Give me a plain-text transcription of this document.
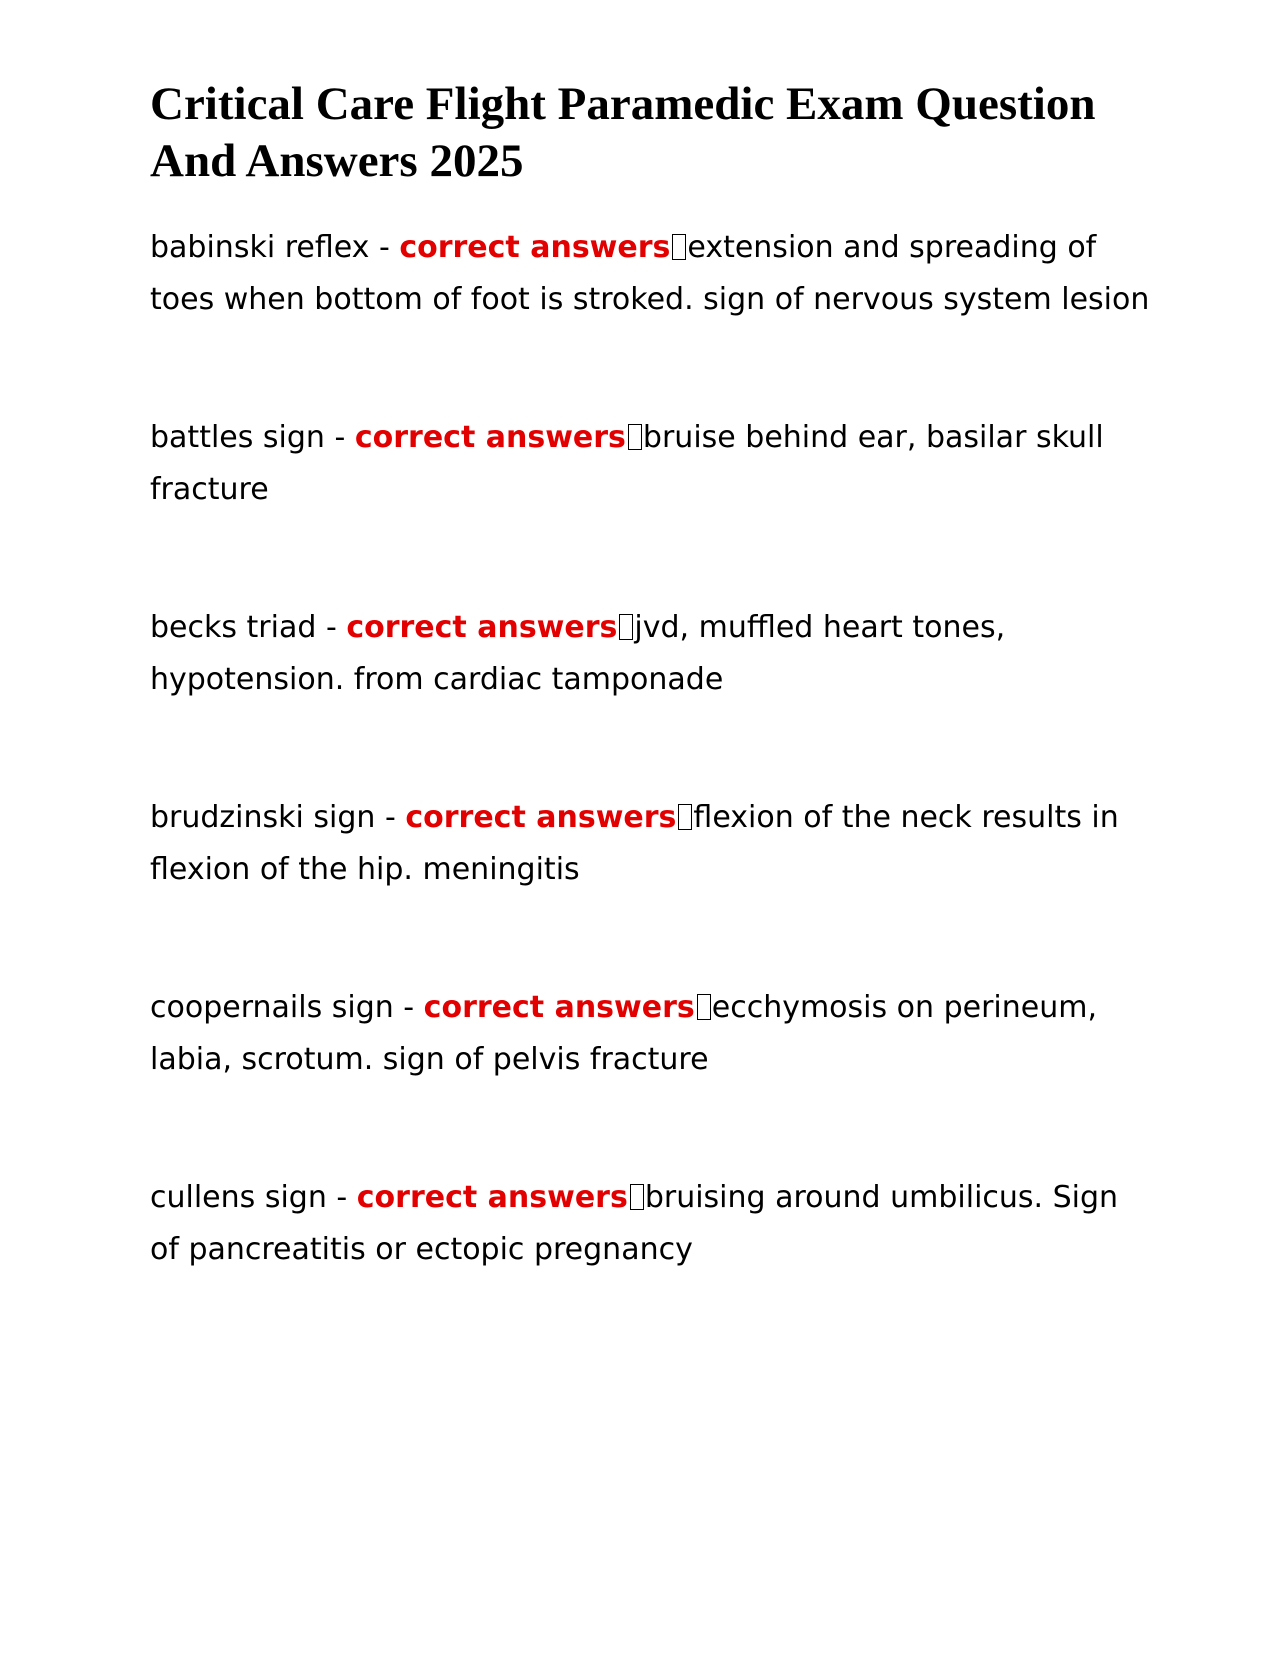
Critical Care Flight Paramedic Exam Question And Answers 2025

babinski reflex - correct answers extension and spreading of toes when bottom of foot is stroked. sign of nervous system lesion

battles sign - correct answers bruise behind ear, basilar skull fracture

becks triad - correct answers jvd, muffled heart tones, hypotension. from cardiac tamponade

brudzinski sign - correct answers flexion of the neck results in flexion of the hip. meningitis

coopernails sign - correct answers ecchymosis on perineum, labia, scrotum. sign of pelvis fracture

cullens sign - correct answers bruising around umbilicus. Sign of pancreatitis or ectopic pregnancy
